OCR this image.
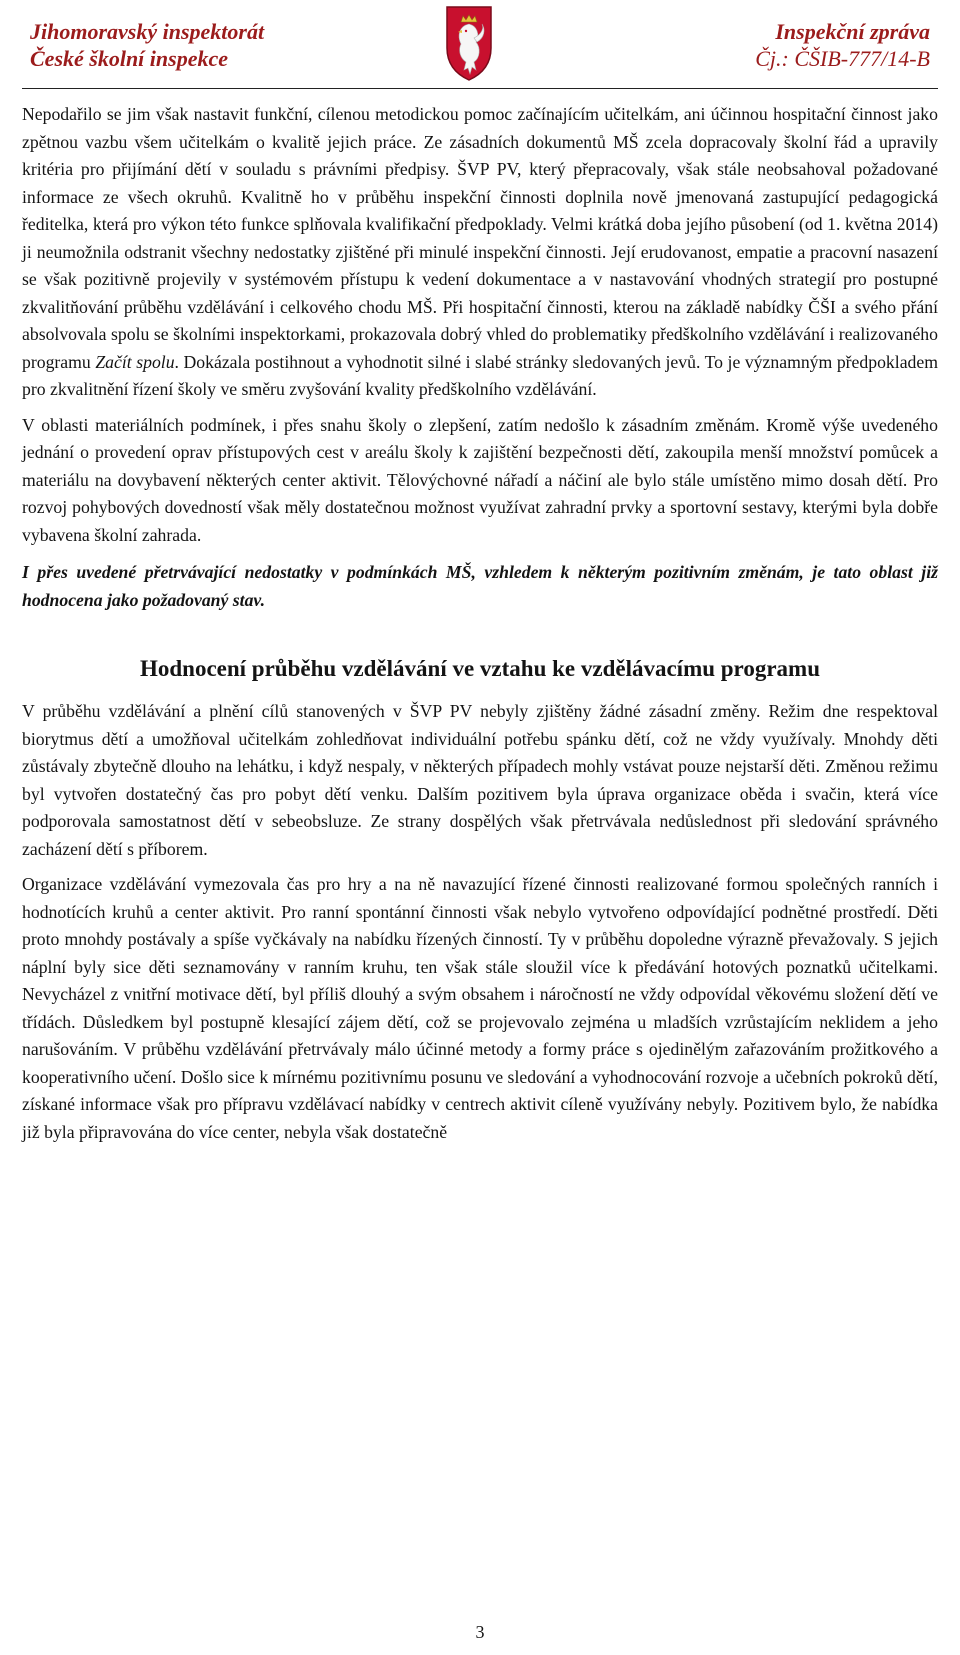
Jihomoravský inspektorát
České školní inspekce
Inspekční zpráva
Čj.: ČŠIB-777/14-B

Nepodařilo se jim však nastavit funkční, cílenou metodickou pomoc začínajícím učitelkám, ani účinnou hospitační činnost jako zpětnou vazbu všem učitelkám o kvalitě jejich práce. Ze zásadních dokumentů MŠ zcela dopracovaly školní řád a upravily kritéria pro přijímání dětí v souladu s právními předpisy. ŠVP PV, který přepracovaly, však stále neobsahoval požadované informace ze všech okruhů. Kvalitně ho v průběhu inspekční činnosti doplnila nově jmenovaná zastupující pedagogická ředitelka, která pro výkon této funkce splňovala kvalifikační předpoklady. Velmi krátká doba jejího působení (od 1. května 2014) ji neumožnila odstranit všechny nedostatky zjištěné při minulé inspekční činnosti. Její erudovanost, empatie a pracovní nasazení se však pozitivně projevily v systémovém přístupu k vedení dokumentace a v nastavování vhodných strategií pro postupné zkvalitňování průběhu vzdělávání i celkového chodu MŠ. Při hospitační činnosti, kterou na základě nabídky ČŠI a svého přání absolvovala spolu se školními inspektorkami, prokazovala dobrý vhled do problematiky předškolního vzdělávání i realizovaného programu Začít spolu. Dokázala postihnout a vyhodnotit silné i slabé stránky sledovaných jevů. To je významným předpokladem pro zkvalitnění řízení školy ve směru zvyšování kvality předškolního vzdělávání.

V oblasti materiálních podmínek, i přes snahu školy o zlepšení, zatím nedošlo k zásadním změnám. Kromě výše uvedeného jednání o provedení oprav přístupových cest v areálu školy k zajištění bezpečnosti dětí, zakoupila menší množství pomůcek a materiálu na dovybavení některých center aktivit. Tělovýchovné nářadí a náčiní ale bylo stále umístěno mimo dosah dětí. Pro rozvoj pohybových dovedností však měly dostatečnou možnost využívat zahradní prvky a sportovní sestavy, kterými byla dobře vybavena školní zahrada.

I přes uvedené přetrvávající nedostatky v podmínkách MŠ, vzhledem k některým pozitivním změnám, je tato oblast již hodnocena jako požadovaný stav.

Hodnocení průběhu vzdělávání ve vztahu ke vzdělávacímu programu

V průběhu vzdělávání a plnění cílů stanovených v ŠVP PV nebyly zjištěny žádné zásadní změny. Režim dne respektoval biorytmus dětí a umožňoval učitelkám zohledňovat individuální potřebu spánku dětí, což ne vždy využívaly. Mnohdy děti zůstávaly zbytečně dlouho na lehátku, i když nespaly, v některých případech mohly vstávat pouze nejstarší děti. Změnou režimu byl vytvořen dostatečný čas pro pobyt dětí venku. Dalším pozitivem byla úprava organizace oběda i svačin, která více podporovala samostatnost dětí v sebeobsluze. Ze strany dospělých však přetrvávala nedůslednost při sledování správného zacházení dětí s příborem.

Organizace vzdělávání vymezovala čas pro hry a na ně navazující řízené činnosti realizované formou společných ranních i hodnotících kruhů a center aktivit. Pro ranní spontánní činnosti však nebylo vytvořeno odpovídající podnětné prostředí. Děti proto mnohdy postávaly a spíše vyčkávaly na nabídku řízených činností. Ty v průběhu dopoledne výrazně převažovaly. S jejich náplní byly sice děti seznamovány v ranním kruhu, ten však stále sloužil více k předávání hotových poznatků učitelkami. Nevycházel z vnitřní motivace dětí, byl příliš dlouhý a svým obsahem i náročností ne vždy odpovídal věkovému složení dětí ve třídách. Důsledkem byl postupně klesající zájem dětí, což se projevovalo zejména u mladších vzrůstajícím neklidem a jeho narušováním. V průběhu vzdělávání přetrvávaly málo účinné metody a formy práce s ojedinělým zařazováním prožitkového a kooperativního učení. Došlo sice k mírnému pozitivnímu posunu ve sledování a vyhodnocování rozvoje a učebních pokroků dětí, získané informace však pro přípravu vzdělávací nabídky v centrech aktivit cíleně využívány nebyly. Pozitivem bylo, že nabídka již byla připravována do více center, nebyla však dostatečně

3
